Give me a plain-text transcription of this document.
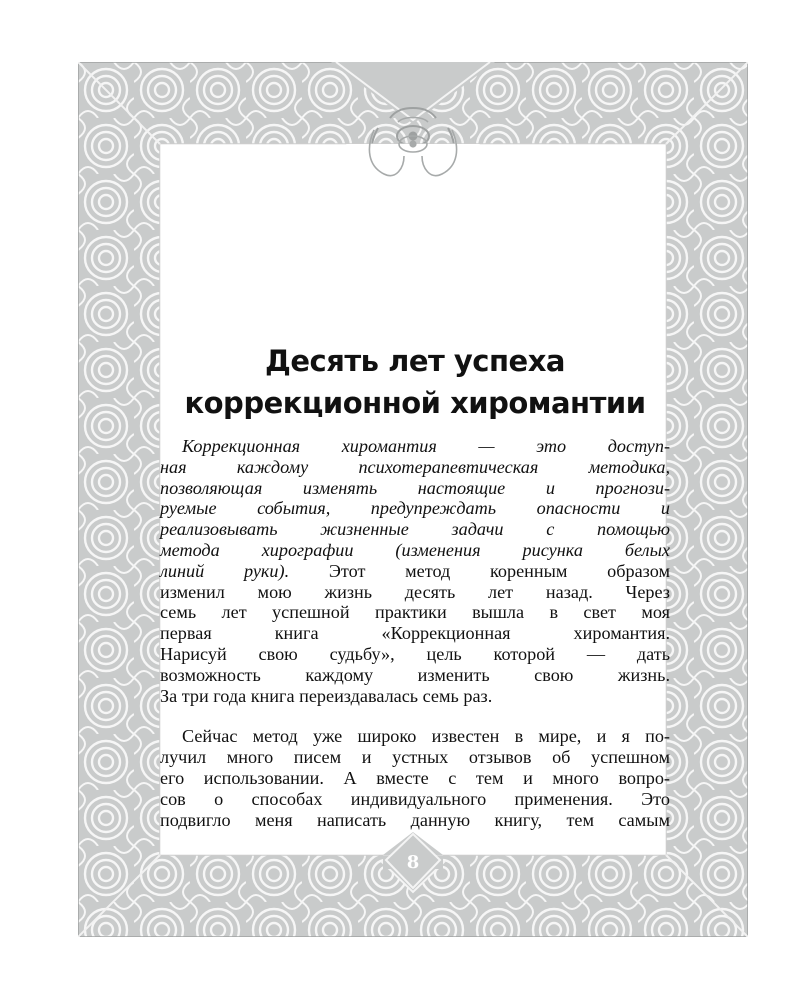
Десять лет успеха
коррекционной хиромантии
Коррекционная хиромантия — это доступ-
ная каждому психотерапевтическая методика,
позволяющая изменять настоящие и прогнози-
руемые события, предупреждать опасности и
реализовывать жизненные задачи с помощью
метода хирографии (изменения рисунка белых
линий руки). Этот метод коренным образом
изменил мою жизнь десять лет назад. Через
семь лет успешной практики вышла в свет моя
первая книга «Коррекционная хиромантия.
Нарисуй свою судьбу», цель которой — дать
возможность каждому изменить свою жизнь.
За три года книга переиздавалась семь раз.
Сейчас метод уже широко известен в мире, и я по-
лучил много писем и устных отзывов об успешном
его использовании. А вместе с тем и много вопро-
сов о способах индивидуального применения. Это
подвигло меня написать данную книгу, тем самым
8
